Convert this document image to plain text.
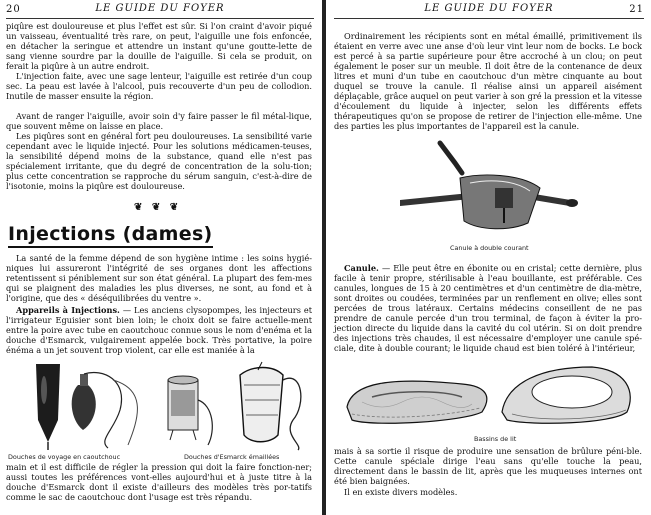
20	LE GUIDE DU FOYER
piqûre est douloureuse et plus l'effet est sûr. Si l'on craint d'avoir piqué un vaisseau, éventualité très rare, on peut, l'aiguille une fois enfoncée, en détacher la seringue et attendre un instant qu'une goutte-lette de sang vienne sourdre par la douille de l'aiguille. Si cela se produit, on ferait la piqûre à un autre endroit.
L'injection faite, avec une sage lenteur, l'aiguille est retirée d'un coup sec. La peau est lavée à l'alcool, puis recouverte d'un peu de collodion. Inutile de masser ensuite la région.
Avant de ranger l'aiguille, avoir soin d'y faire passer le fil métal-lique, que souvent même on laisse en place.
Les piqûres sont en général fort peu douloureuses. La sensibilité varie cependant avec le liquide injecté. Pour les solutions médicamen-teuses, la sensibilité dépend moins de la substance, quand elle n'est pas spécialement irritante, que du degré de concentration de la solu-tion; plus cette concentration se rapproche du sérum sanguin, c'est-à-dire de l'isotonie, moins la piqûre est douloureuse.
❦ ❦ ❦
Injections (dames)
La santé de la femme dépend de son hygiène intime : les soins hygié-niques lui assureront l'intégrité de ses organes dont les affections retentissent si péniblement sur son état général. La plupart des fem-mes qui se plaignent des maladies les plus diverses, ne sont, au fond et à l'origine, que des « déséquilibrées du ventre ».
Appareils à Injections. — Les anciens clysopompes, les injecteurs et l'irrigateur Eguisier sont bien loin; le choix doit se faire actuelle-ment entre la poire avec tube en caoutchouc connue sous le nom d'enéma et la douche d'Esmarck, vulgairement appelée bock. Très portative, la poire énéma a un jet souvent trop violent, car elle est maniée à la
Douches de voyage en caoutchouc	Douches d'Esmarck émaillées
main et il est difficile de régler la pression qui doit la faire fonction-ner; aussi toutes les préférences vont-elles aujourd'hui et à juste titre à la douche d'Esmarck dont il existe d'ailleurs des modèles très por-tatifs comme le sac de caoutchouc dont l'usage est très répandu.
LE GUIDE DU FOYER	21
Ordinairement les récipients sont en métal émaillé, primitivement ils étaient en verre avec une anse d'où leur vint leur nom de bocks. Le bock est percé à sa partie supérieure pour être accroché à un clou; on peut également le poser sur un meuble. Il doit être de la contenance de deux litres et muni d'un tube en caoutchouc d'un mètre cinquante au bout duquel se trouve la canule. Il réalise ainsi un appareil aisément déplaçable, grâce auquel on peut varier à son gré la pression et la vitesse d'écoulement du liquide à injecter, selon les différents effets thérapeutiques qu'on se propose de retirer de l'injection elle-même. Une des parties les plus importantes de l'appareil est la canule.
Canule à double courant
Canule. — Elle peut être en ébonite ou en cristal; cette dernière, plus facile à tenir propre, stérilisable à l'eau bouillante, est préférable. Ces canules, longues de 15 à 20 centimètres et d'un centimètre de dia-mètre, sont droites ou coudées, terminées par un renflement en olive; elles sont percées de trous latéraux. Certains médecins conseillent de ne pas prendre de canule percée d'un trou terminal, de façon à éviter la pro-jection directe du liquide dans la cavité du col utérin. Si on doit prendre des injections très chaudes, il est nécessaire d'employer une canule spé-ciale, dite à double courant; le liquide chaud est bien toléré à l'intérieur,
Bassins de lit
mais à sa sortie il risque de produire une sensation de brûlure péni-ble. Cette canule spéciale dirige l'eau sans qu'elle touche la peau, directement dans le bassin de lit, après que les muqueuses internes ont été bien baignées.
Il en existe divers modèles.
